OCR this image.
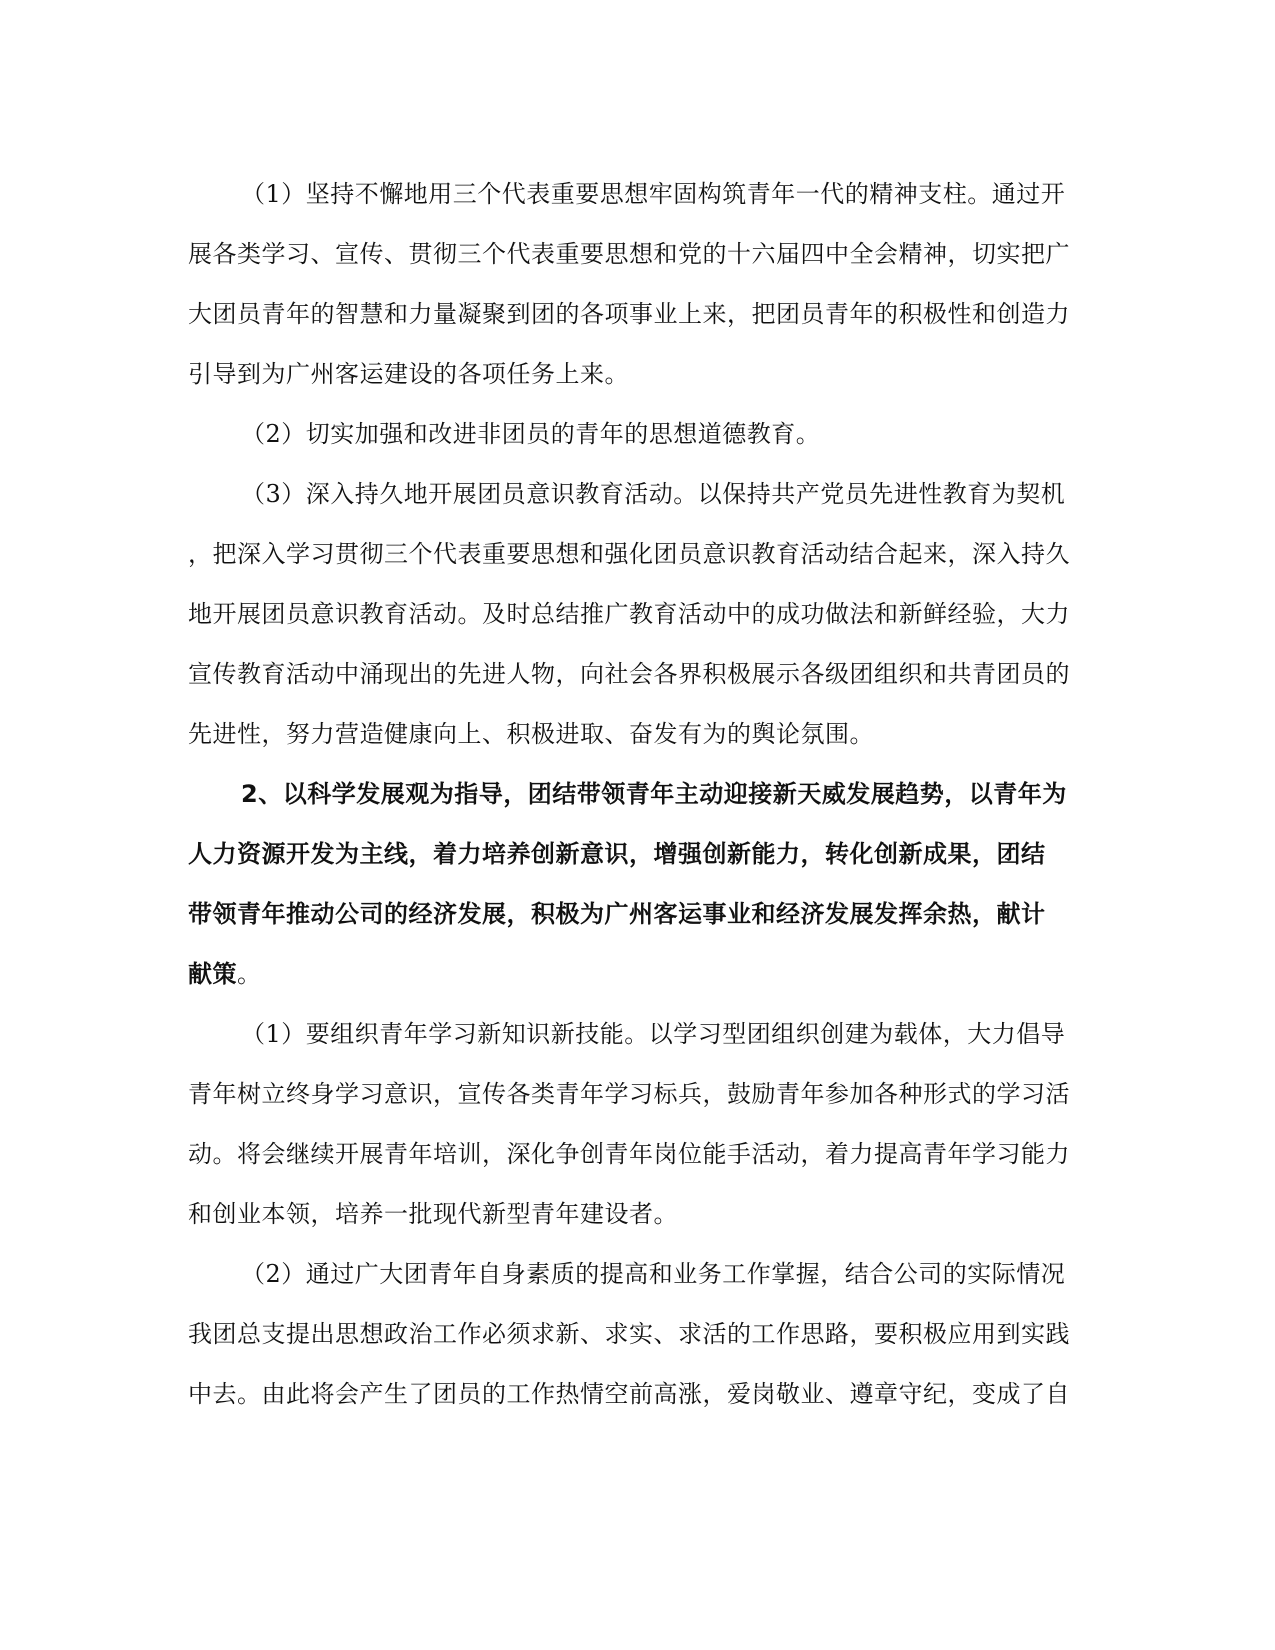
（1）坚持不懈地用三个代表重要思想牢固构筑青年一代的精神支柱。通过开
展各类学习、宣传、贯彻三个代表重要思想和党的十六届四中全会精神，切实把广
大团员青年的智慧和力量凝聚到团的各项事业上来，把团员青年的积极性和创造力
引导到为广州客运建设的各项任务上来。
（2）切实加强和改进非团员的青年的思想道德教育。
（3）深入持久地开展团员意识教育活动。以保持共产党员先进性教育为契机
，把深入学习贯彻三个代表重要思想和强化团员意识教育活动结合起来，深入持久
地开展团员意识教育活动。及时总结推广教育活动中的成功做法和新鲜经验，大力
宣传教育活动中涌现出的先进人物，向社会各界积极展示各级团组织和共青团员的
先进性，努力营造健康向上、积极进取、奋发有为的舆论氛围。
2、以科学发展观为指导，团结带领青年主动迎接新天威发展趋势，以青年为
人力资源开发为主线，着力培养创新意识，增强创新能力，转化创新成果，团结
带领青年推动公司的经济发展，积极为广州客运事业和经济发展发挥余热，献计
献策。
（1）要组织青年学习新知识新技能。以学习型团组织创建为载体，大力倡导
青年树立终身学习意识，宣传各类青年学习标兵，鼓励青年参加各种形式的学习活
动。将会继续开展青年培训，深化争创青年岗位能手活动，着力提高青年学习能力
和创业本领，培养一批现代新型青年建设者。
（2）通过广大团青年自身素质的提高和业务工作掌握，结合公司的实际情况
我团总支提出思想政治工作必须求新、求实、求活的工作思路，要积极应用到实践
中去。由此将会产生了团员的工作热情空前高涨，爱岗敬业、遵章守纪，变成了自
